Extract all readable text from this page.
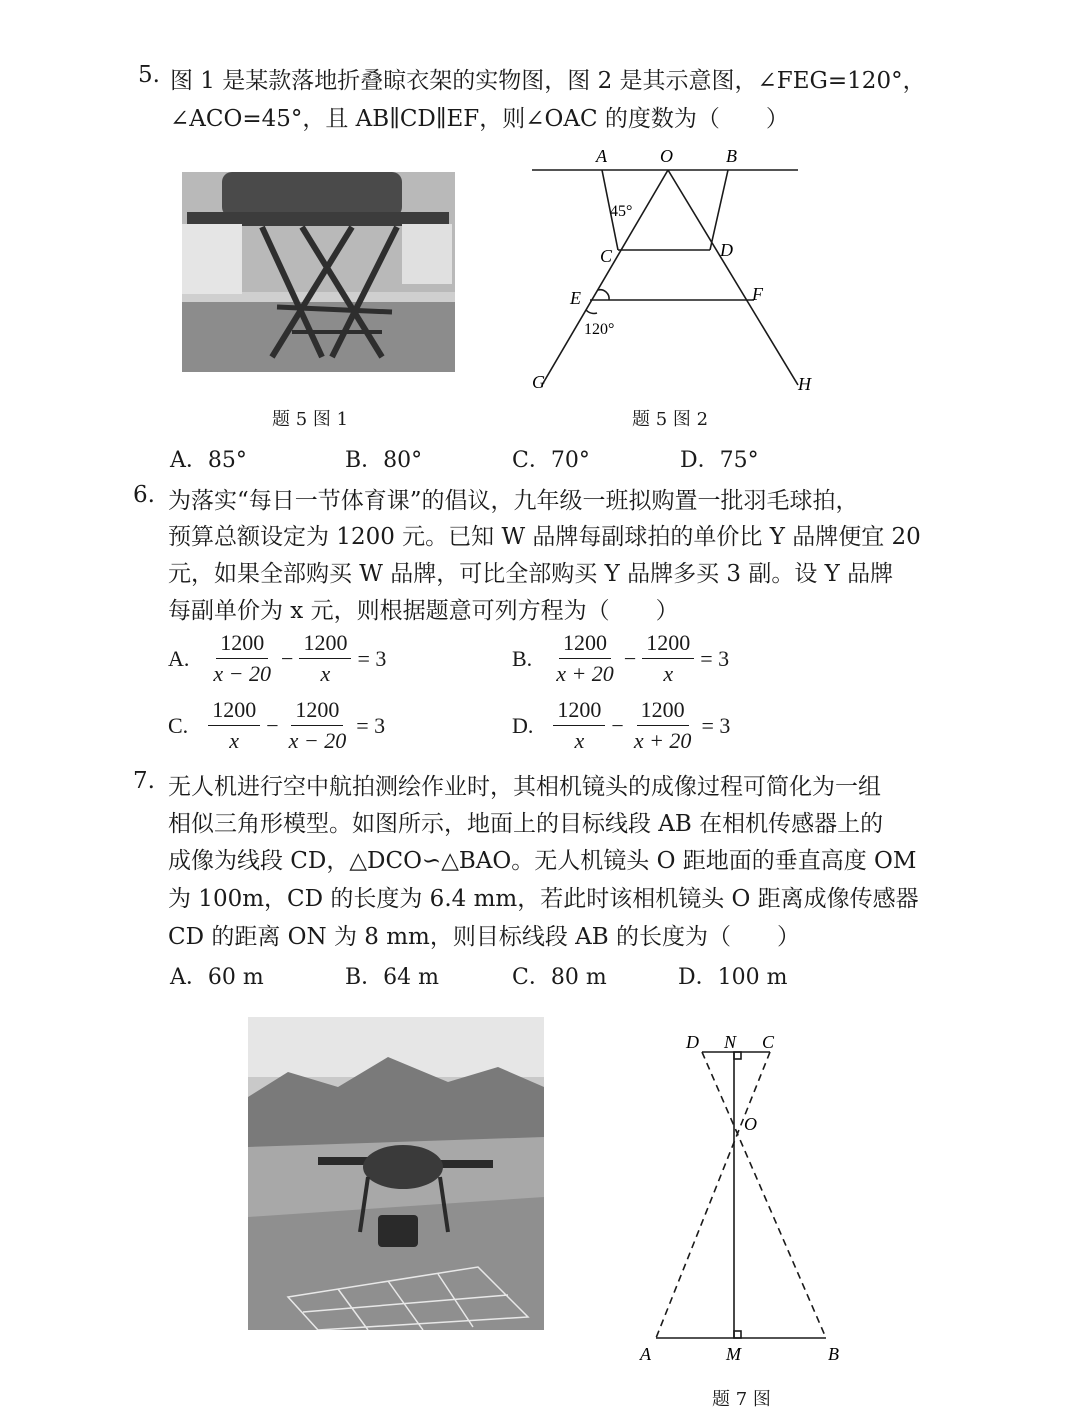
5. 图 1 是某款落地折叠晾衣架的实物图，图 2 是其示意图，∠FEG=120°，
∠ACO=45°，且 AB∥CD∥EF，则∠OAC 的度数为（　　）
题 5 图 1
A	O	B
45°
C	D
E	F
120°
G	H
题 5 图 2
A．85°	B．80°	C．70°	D．75°
6. 为落实“每日一节体育课”的倡议，九年级一班拟购置一批羽毛球拍，
预算总额设定为 1200 元。已知 W 品牌每副球拍的单价比 Y 品牌便宜 20
元，如果全部购买 W 品牌，可比全部购买 Y 品牌多买 3 副。设 Y 品牌
每副单价为 x 元，则根据题意可列方程为（　　）
A. $\frac{1200}{x - 20} - \frac{1200}{x} = 3$	B. $\frac{1200}{x + 20} - \frac{1200}{x} = 3$
C. $\frac{1200}{x} - \frac{1200}{x - 20} = 3$	D. $\frac{1200}{x} - \frac{1200}{x + 20} = 3$
7. 无人机进行空中航拍测绘作业时，其相机镜头的成像过程可简化为一组
相似三角形模型。如图所示，地面上的目标线段 AB 在相机传感器上的
成像为线段 CD，△DCO∽△BAO。无人机镜头 O 距地面的垂直高度 OM
为 100m，CD 的长度为 6.4 mm，若此时该相机镜头 O 距离成像传感器
CD 的距离 ON 为 8 mm，则目标线段 AB 的长度为（　　）
A．60 m	B．64 m	C．80 m	D．100 m
D N C
O
A	M	B
题 7 图
